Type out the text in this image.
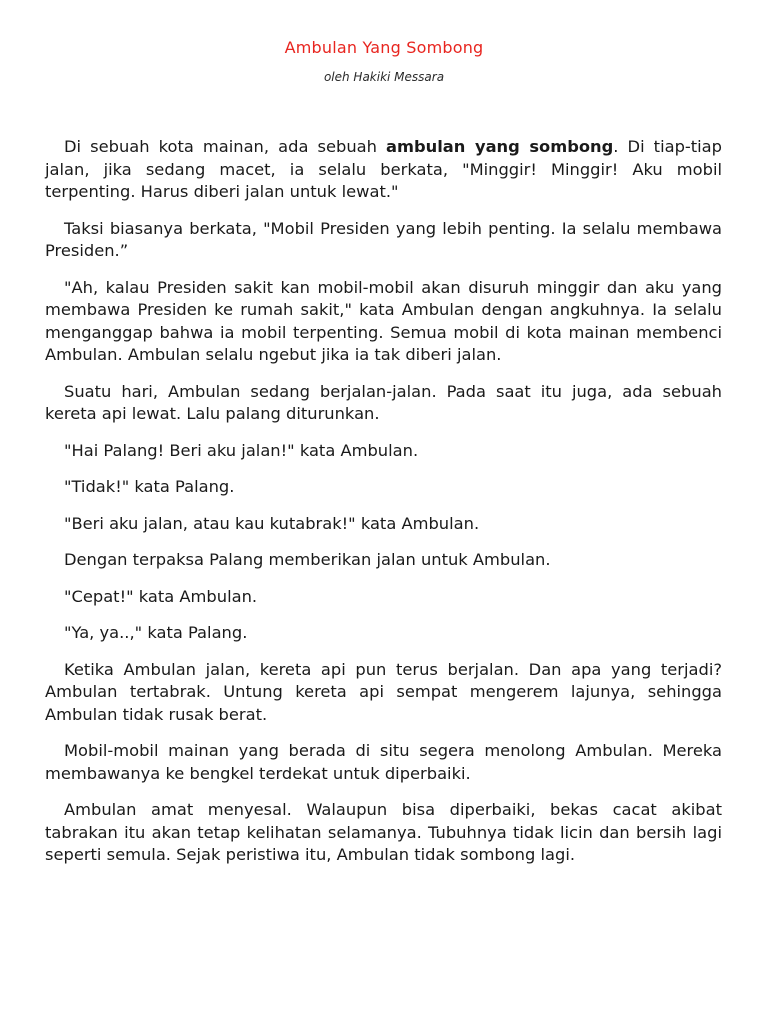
Ambulan Yang Sombong
oleh Hakiki Messara

Di sebuah kota mainan, ada sebuah ambulan yang sombong. Di tiap-tiap jalan, jika sedang macet, ia selalu berkata, "Minggir! Minggir! Aku mobil terpenting. Harus diberi jalan untuk lewat."

Taksi biasanya berkata, "Mobil Presiden yang lebih penting. Ia selalu membawa Presiden.”

"Ah, kalau Presiden sakit kan mobil-mobil akan disuruh minggir dan aku yang membawa Presiden ke rumah sakit," kata Ambulan dengan angkuhnya. Ia selalu menganggap bahwa ia mobil terpenting. Semua mobil di kota mainan membenci Ambulan. Ambulan selalu ngebut jika ia tak diberi jalan.

Suatu hari, Ambulan sedang berjalan-jalan. Pada saat itu juga, ada sebuah kereta api lewat. Lalu palang diturunkan.

"Hai Palang! Beri aku jalan!" kata Ambulan.

"Tidak!" kata Palang.

"Beri aku jalan, atau kau kutabrak!" kata Ambulan.

Dengan terpaksa Palang memberikan jalan untuk Ambulan.

"Cepat!" kata Ambulan.

"Ya, ya..," kata Palang.

Ketika Ambulan jalan, kereta api pun terus berjalan. Dan apa yang terjadi? Ambulan tertabrak. Untung kereta api sempat mengerem lajunya, sehingga Ambulan tidak rusak berat.

Mobil-mobil mainan yang berada di situ segera menolong Ambulan. Mereka membawanya ke bengkel terdekat untuk diperbaiki.

Ambulan amat menyesal. Walaupun bisa diperbaiki, bekas cacat akibat tabrakan itu akan tetap kelihatan selamanya. Tubuhnya tidak licin dan bersih lagi seperti semula. Sejak peristiwa itu, Ambulan tidak sombong lagi.
